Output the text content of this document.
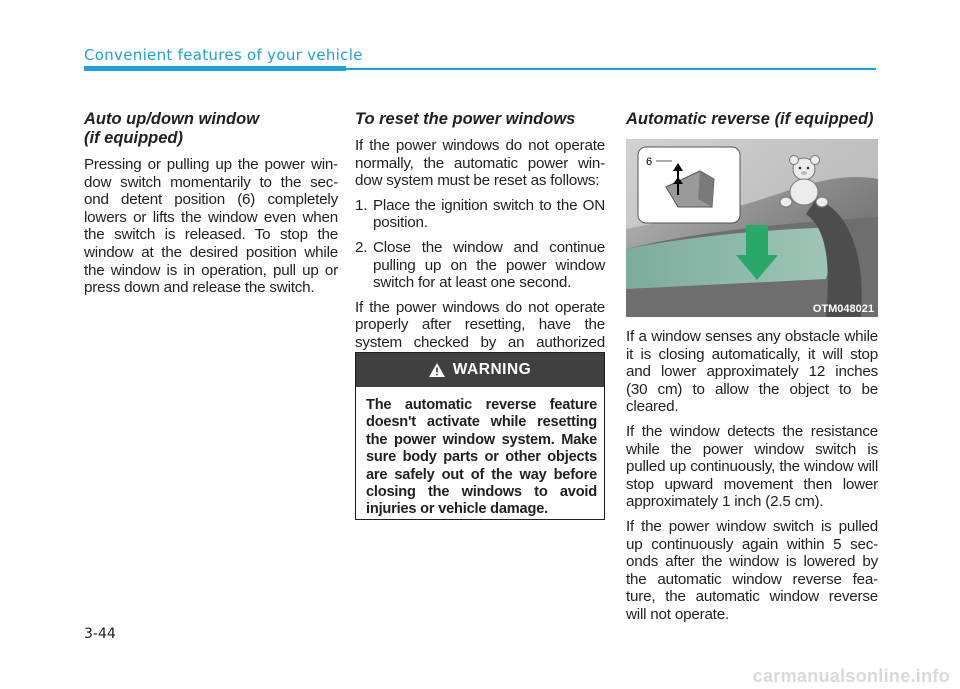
Convenient features of your vehicle
Auto up/down window
(if equipped)

Pressing or pulling up the power win-dow switch momentarily to the sec-ond detent position (6) completely lowers or lifts the window even when the switch is released. To stop the window at the desired position while the window is in operation, pull up or press down and release the switch.

To reset the power windows

If the power windows do not operate normally, the automatic power win-dow system must be reset as follows:

1. Place the ignition switch to the ON position.
2. Close the window and continue pulling up on the power window switch for at least one second.

If the power windows do not operate properly after resetting, have the system checked by an authorized

WARNING
The automatic reverse feature doesn't activate while resetting the power window system. Make sure body parts or other objects are safely out of the way before closing the windows to avoid injuries or vehicle damage.
Automatic reverse (if equipped)
6
OTM048021

If a window senses any obstacle while it is closing automatically, it will stop and lower approximately 12 inches (30 cm) to allow the object to be cleared.

If the window detects the resistance while the power window switch is pulled up continuously, the window will stop upward movement then lower approximately 1 inch (2.5 cm).

If the power window switch is pulled up continuously again within 5 sec-onds after the window is lowered by the automatic window reverse fea-ture, the automatic window reverse will not operate.

3-44
carmanualsonline.info
